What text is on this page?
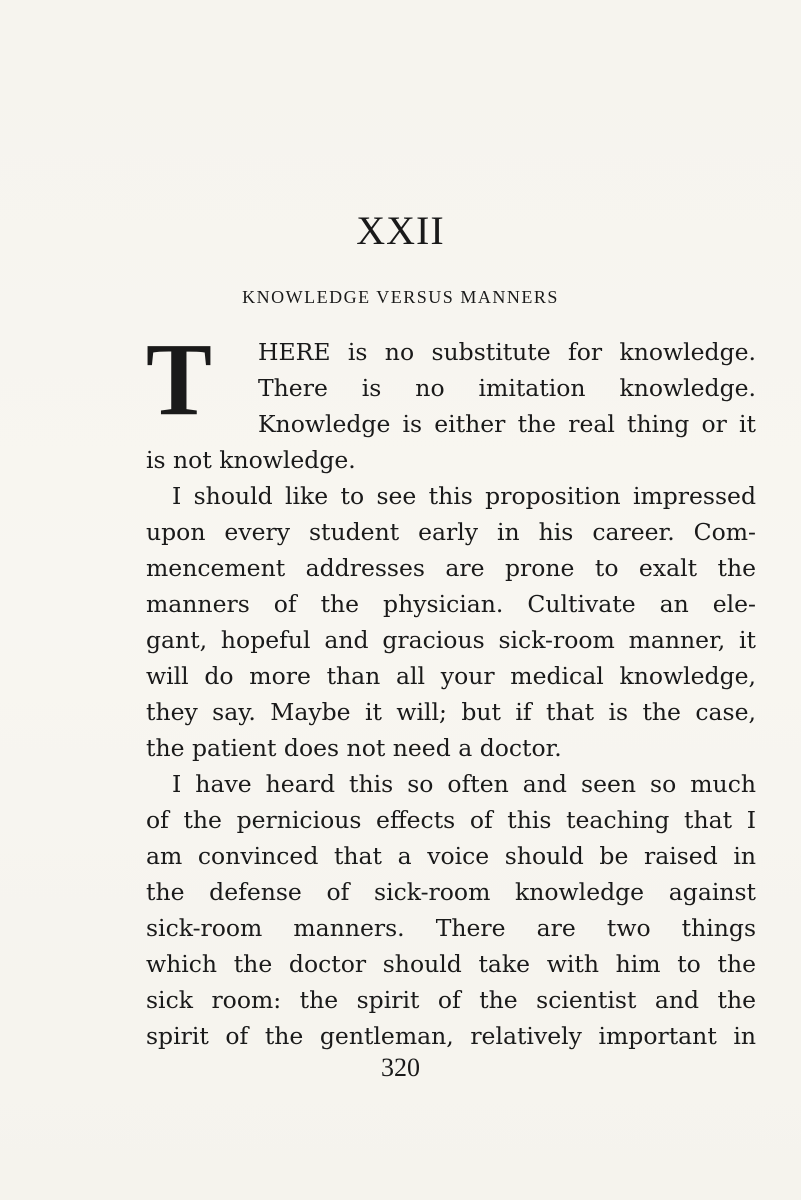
XXII
KNOWLEDGE VERSUS MANNERS
T HERE is no substitute for knowledge.
There is no imitation knowledge.
Knowledge is either the real thing or it
is not knowledge.
I should like to see this proposition impressed
upon every student early in his career. Com-
mencement addresses are prone to exalt the
manners of the physician. Cultivate an ele-
gant, hopeful and gracious sick-room manner, it
will do more than all your medical knowledge,
they say. Maybe it will; but if that is the case,
the patient does not need a doctor.
I have heard this so often and seen so much
of the pernicious effects of this teaching that I
am convinced that a voice should be raised in
the defense of sick-room knowledge against
sick-room manners. There are two things
which the doctor should take with him to the
sick room: the spirit of the scientist and the
spirit of the gentleman, relatively important in
320
